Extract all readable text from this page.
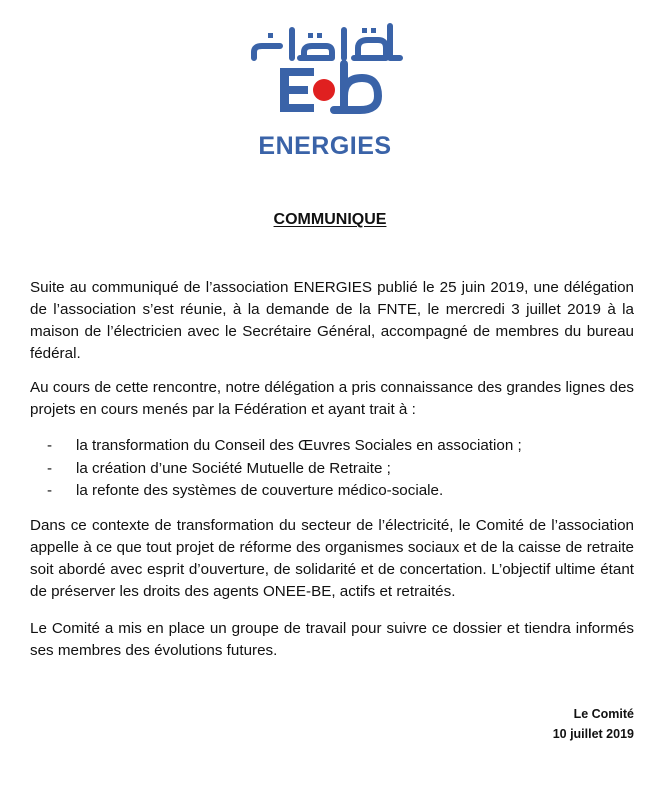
ENERGIES
COMMUNIQUE

Suite au communiqué de l’association ENERGIES publié le 25 juin 2019, une délégation de l’association s’est réunie, à la demande de la FNTE, le mercredi 3 juillet 2019 à la maison de l’électricien avec le Secrétaire Général, accompagné de membres du bureau fédéral.

Au cours de cette rencontre, notre délégation a pris connaissance des grandes lignes des projets en cours menés par la Fédération et ayant trait à :

- la transformation du Conseil des Œuvres Sociales en association ;
- la création d’une Société Mutuelle de Retraite ;
- la refonte des systèmes de couverture médico-sociale.

Dans ce contexte de transformation du secteur de l’électricité, le Comité de l’association appelle à ce que tout projet de réforme des organismes sociaux et de la caisse de retraite soit abordé avec esprit d’ouverture, de solidarité et de concertation. L’objectif ultime étant de préserver les droits des agents ONEE-BE, actifs et retraités.

Le Comité a mis en place un groupe de travail pour suivre ce dossier et tiendra informés ses membres des évolutions futures.

Le Comité
10 juillet 2019
